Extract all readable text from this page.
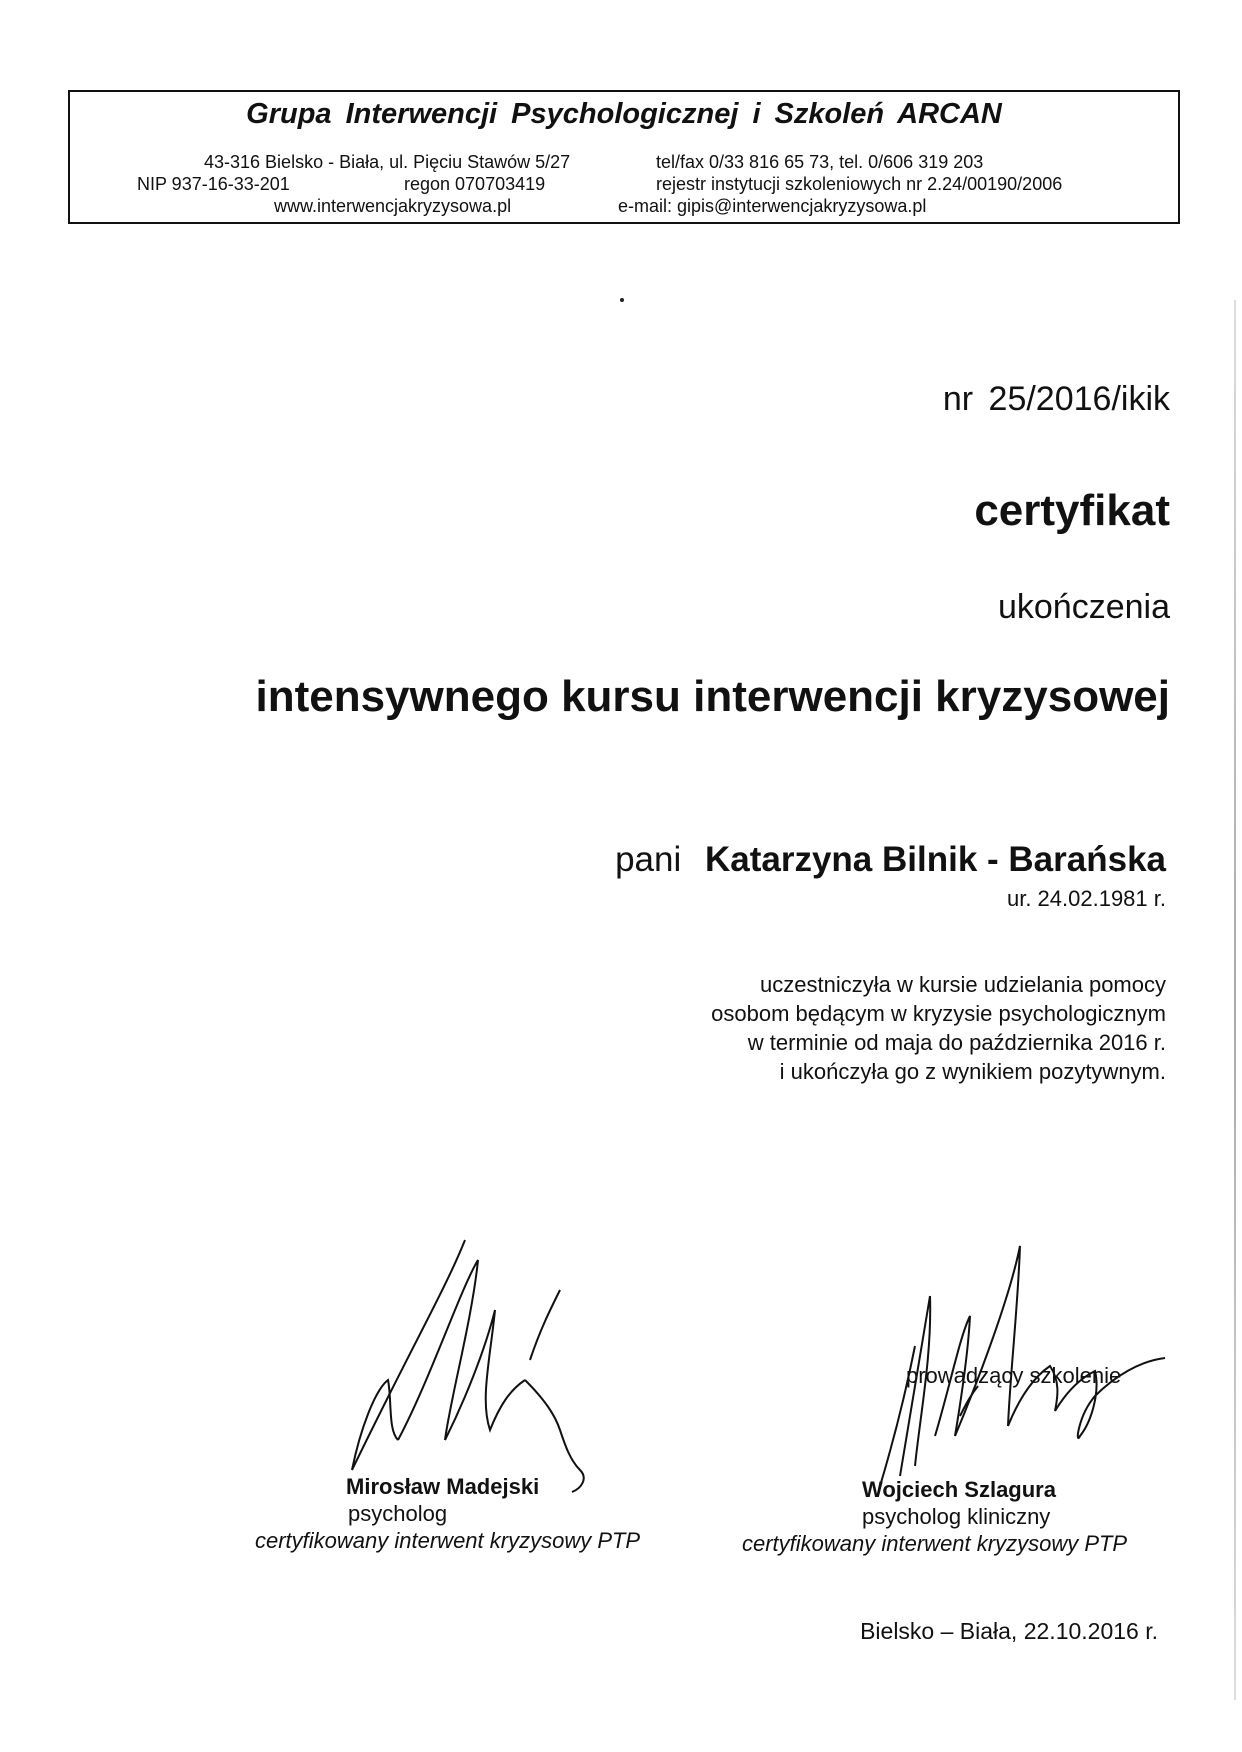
Grupa Interwencji Psychologicznej i Szkoleń ARCAN
43-316 Bielsko - Biała, ul. Pięciu Stawów 5/27	tel/fax 0/33 816 65 73, tel. 0/606 319 203
NIP 937-16-33-201	regon 070703419	rejestr instytucji szkoleniowych nr 2.24/00190/2006
www.interwencjakryzysowa.pl	e-mail: gipis@interwencjakryzysowa.pl
nr 25/2016/ikik
certyfikat
ukończenia
intensywnego kursu interwencji kryzysowej
pani Katarzyna Bilnik - Barańska
ur. 24.02.1981 r.
uczestniczyła w kursie udzielania pomocy
osobom będącym w kryzysie psychologicznym
w terminie od maja do października 2016 r.
i ukończyła go z wynikiem pozytywnym.
prowadzący szkolenie
Mirosław Madejski
psycholog
certyfikowany interwent kryzysowy PTP
Wojciech Szlagura
psycholog kliniczny
certyfikowany interwent kryzysowy PTP
Bielsko – Biała, 22.10.2016 r.
